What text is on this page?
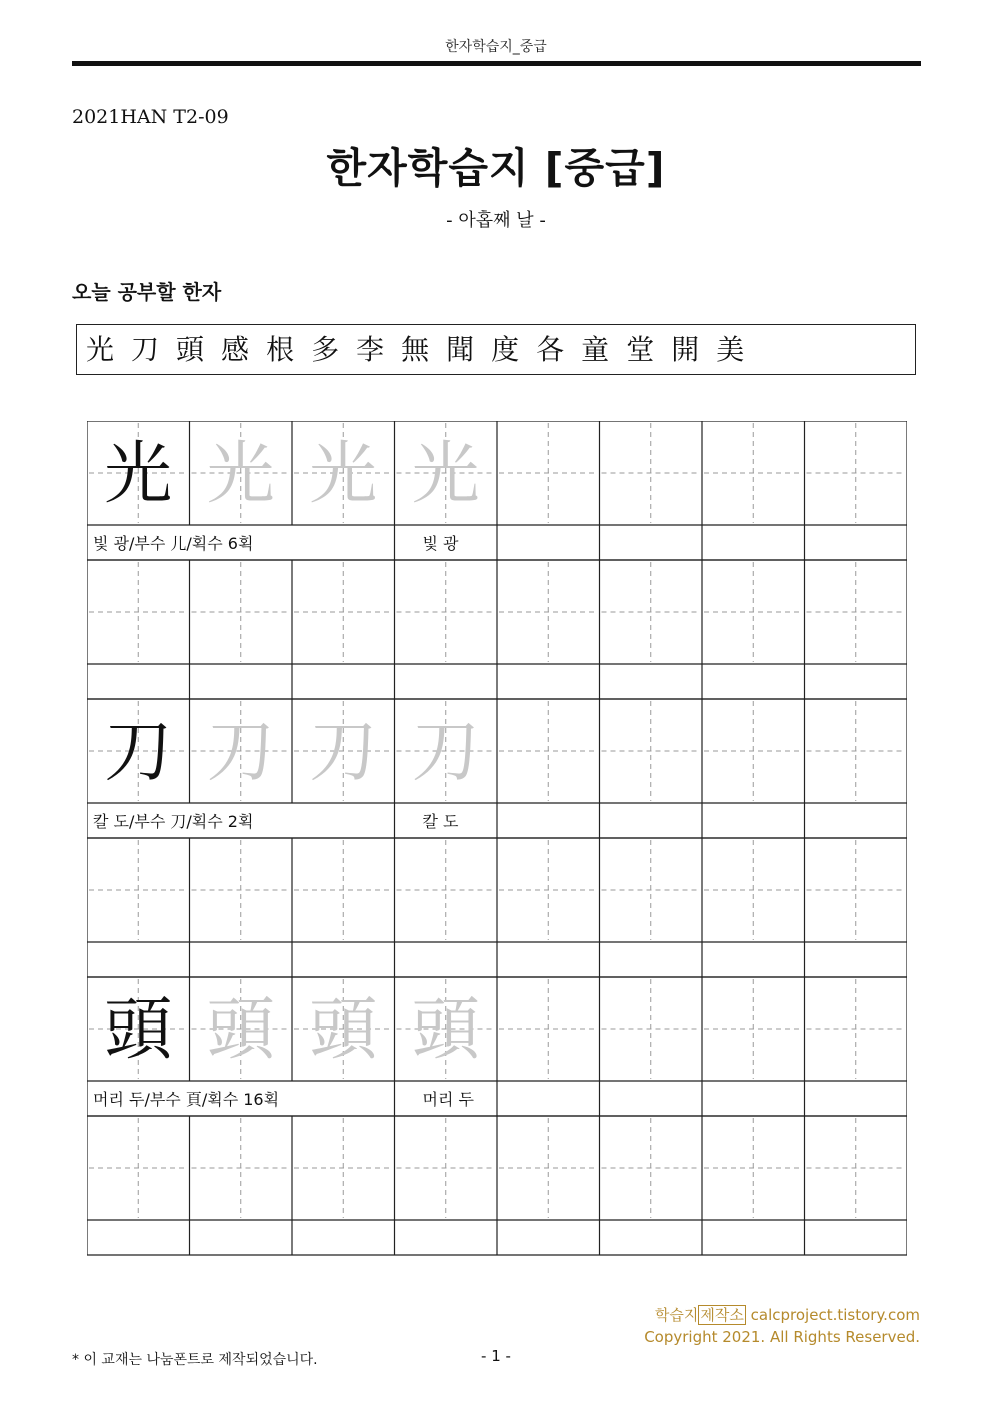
한자학습지_중급
2021HAN T2-09
한자학습지 [중급]
- 아홉째 날 -
오늘 공부할 한자
光 刀 頭 感 根 多 李 無 聞 度 各 童 堂 開 美
光 光 光 光
빛 광/부수 儿/획수 6획	빛 광
刀 刀 刀 刀
칼 도/부수 刀/획수 2획	칼 도
頭 頭 頭 頭
머리 두/부수 頁/획수 16획	머리 두
학습지 제작소 calcproject.tistory.com
Copyright 2021. All Rights Reserved.
* 이 교재는 나눔폰트로 제작되었습니다.	- 1 -
